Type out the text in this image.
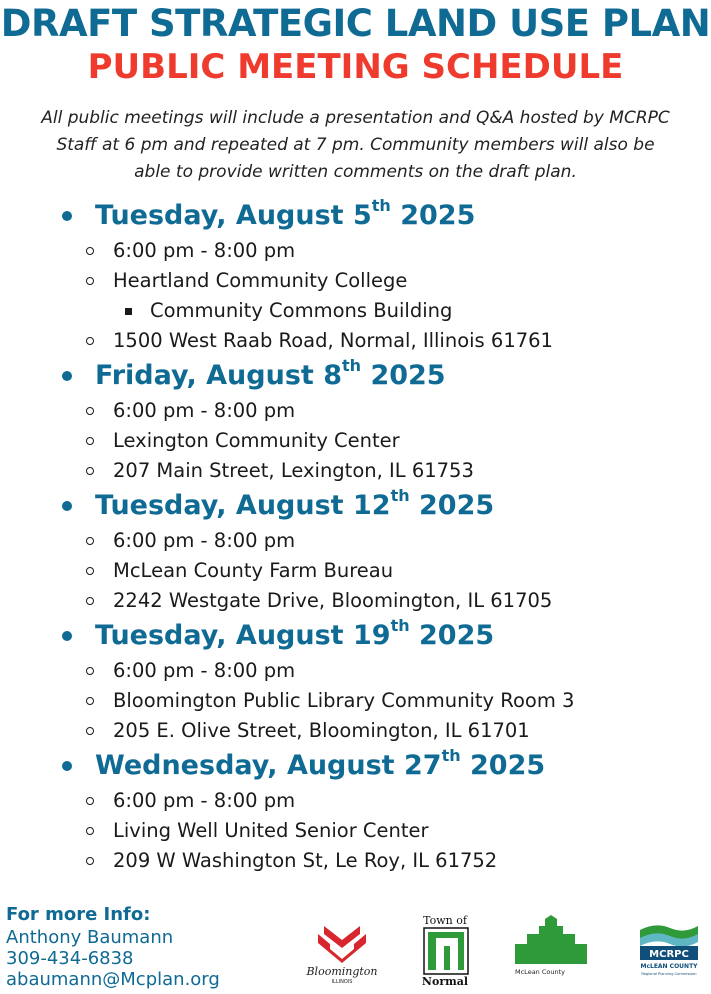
DRAFT STRATEGIC LAND USE PLAN
PUBLIC MEETING SCHEDULE
All public meetings will include a presentation and Q&A hosted by MCRPC
Staff at 6 pm and repeated at 7 pm. Community members will also be
able to provide written comments on the draft plan.
Tuesday, August 5th 2025
6:00 pm - 8:00 pm
Heartland Community College
Community Commons Building
1500 West Raab Road, Normal, Illinois 61761
Friday, August 8th 2025
6:00 pm - 8:00 pm
Lexington Community Center
207 Main Street, Lexington, IL 61753
Tuesday, August 12th 2025
6:00 pm - 8:00 pm
McLean County Farm Bureau
2242 Westgate Drive, Bloomington, IL 61705
Tuesday, August 19th 2025
6:00 pm - 8:00 pm
Bloomington Public Library Community Room 3
205 E. Olive Street, Bloomington, IL 61701
Wednesday, August 27th 2025
6:00 pm - 8:00 pm
Living Well United Senior Center
209 W Washington St, Le Roy, IL 61752
For more Info:
Anthony Baumann
309-434-6838
abaumann@Mcplan.org	Bloomington
ILLINOIS
Town of
Normal
McLean County
MCRPC
McLEAN COUNTY
Regional Planning Commission
